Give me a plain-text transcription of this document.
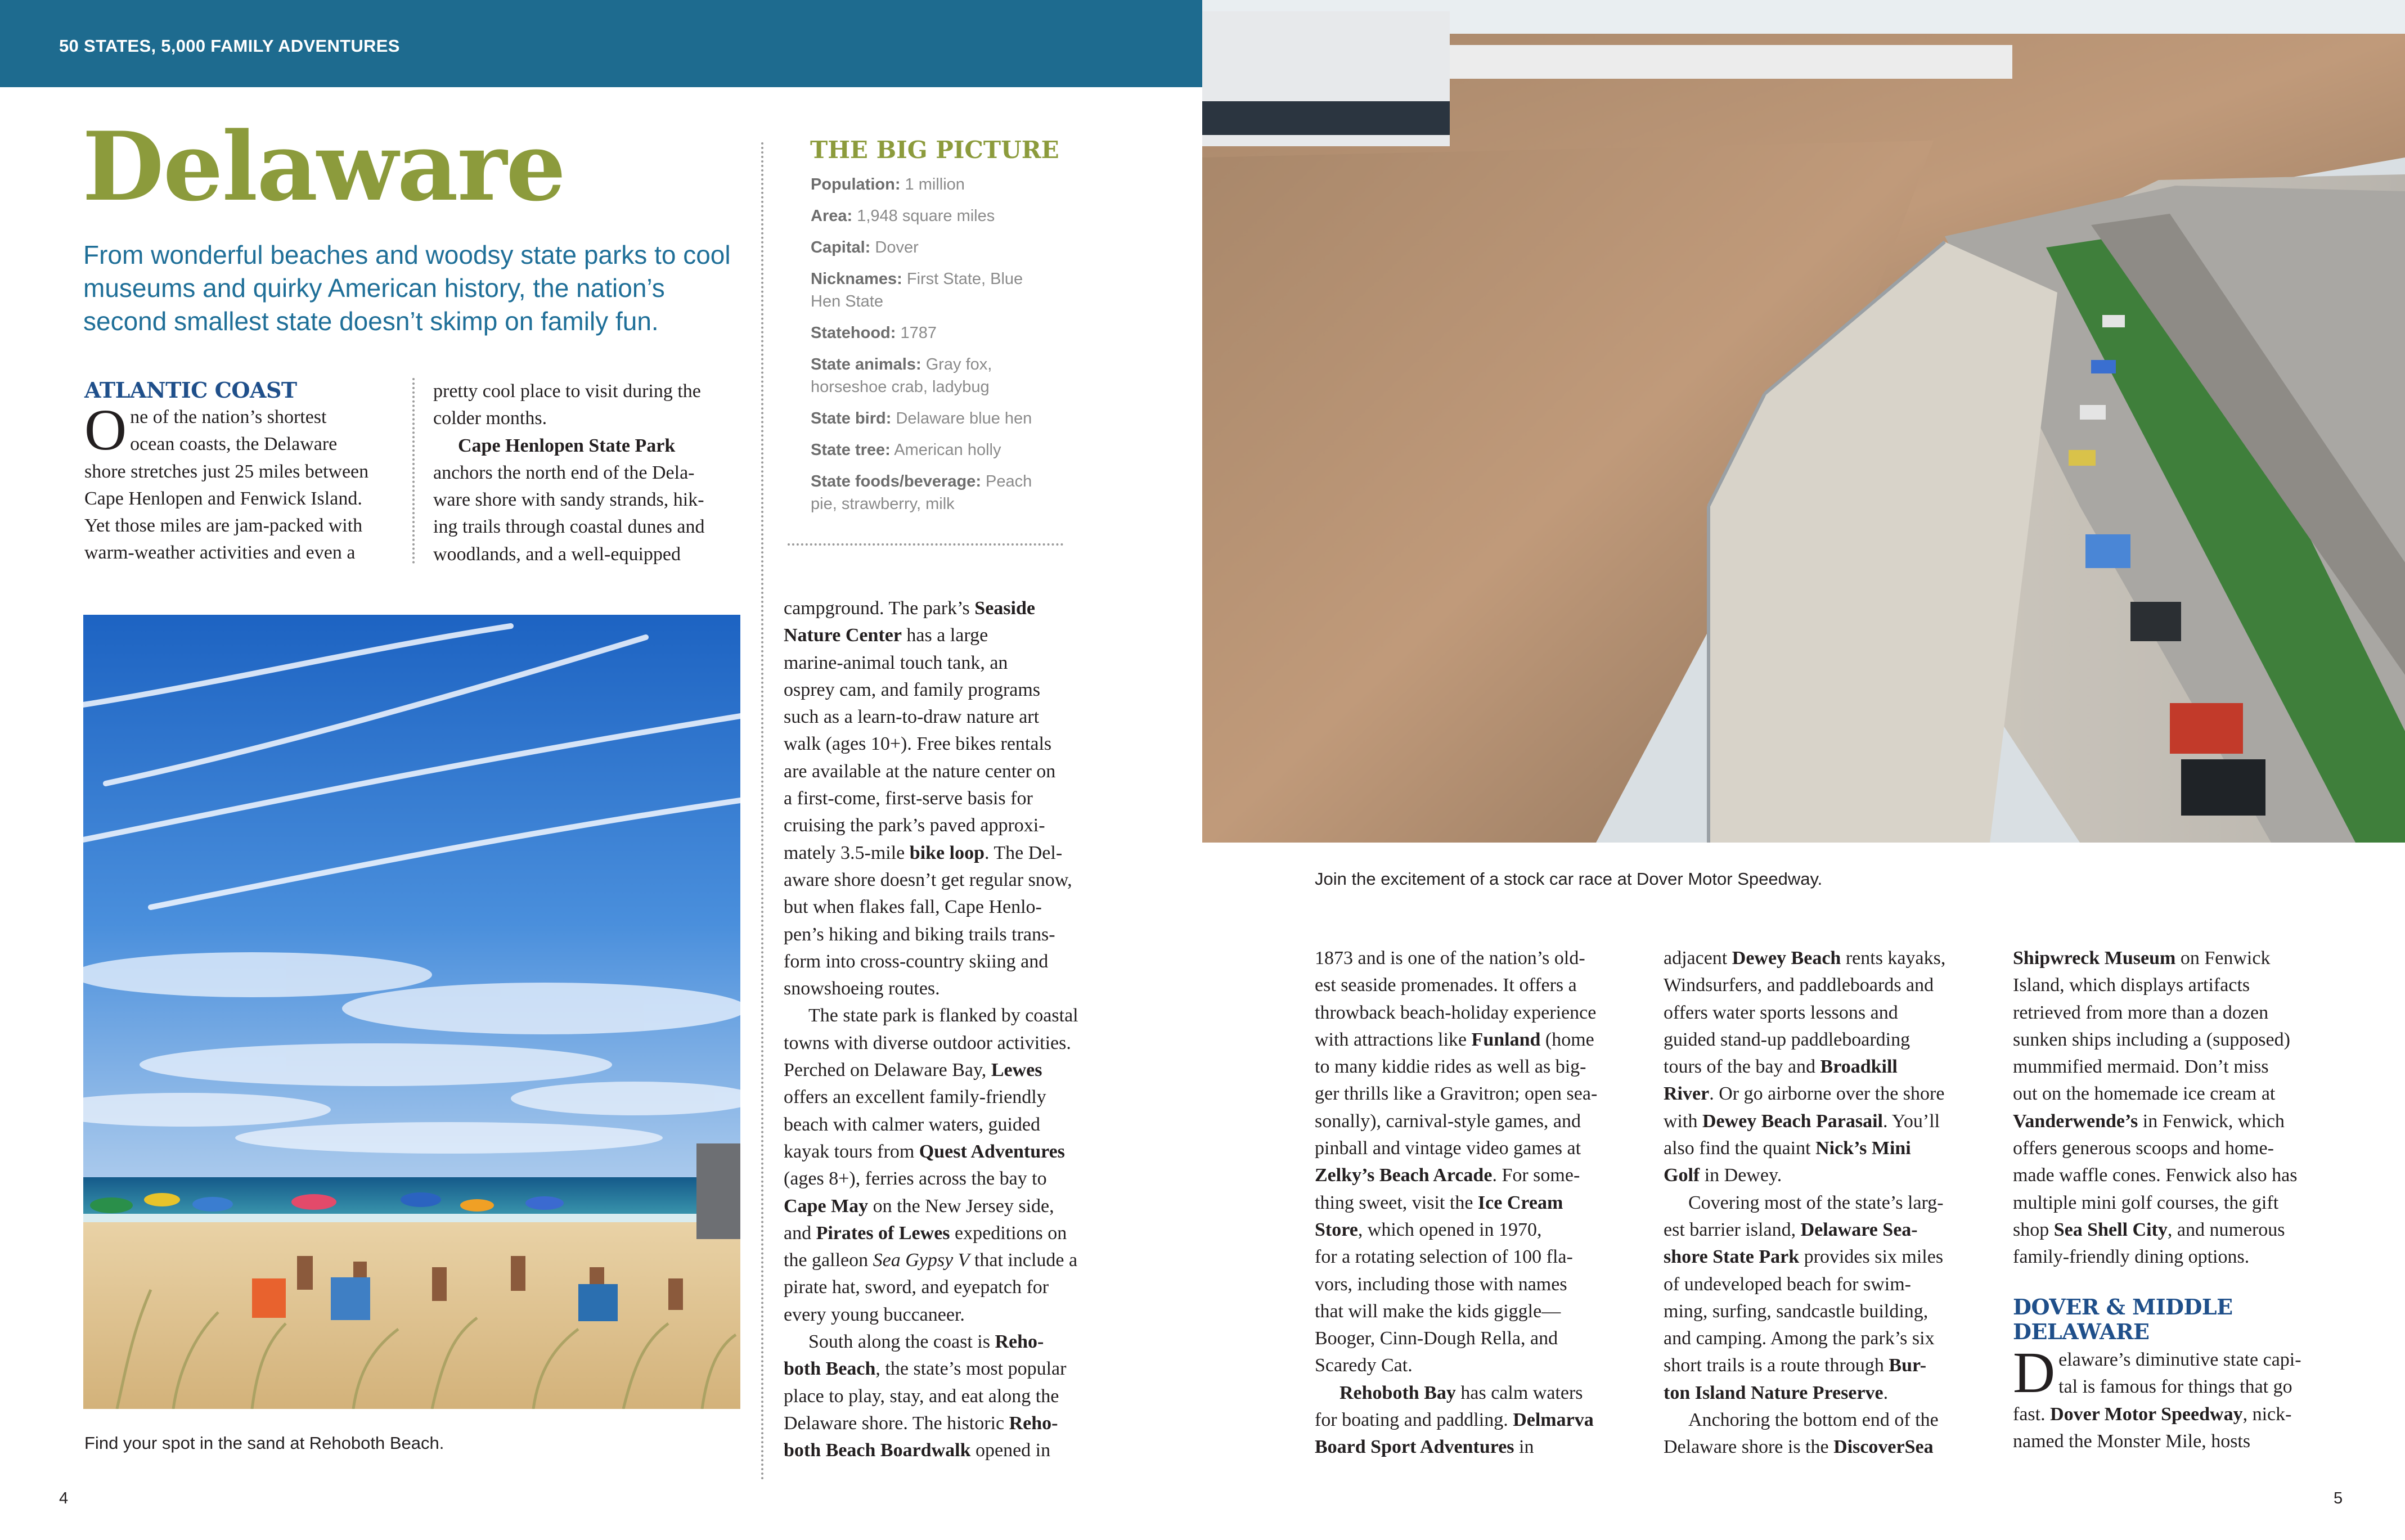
50 STATES, 5,000 FAMILY ADVENTURES
Delaware
From wonderful beaches and woodsy state parks to cool museums and quirky American history, the nation’s second smallest state doesn’t skimp on family fun.
ATLANTIC COAST

One of the nation’s shortest
ocean coasts, the Delaware
shore stretches just 25 miles between
Cape Henlopen and Fenwick Island.
Yet those miles are jam-packed with
warm-weather activities and even a

pretty cool place to visit during the
colder months.

Cape Henlopen State Park
anchors the north end of the Dela-
ware shore with sandy strands, hik-
ing trails through coastal dunes and
woodlands, and a well-equipped

THE BIG PICTURE
Population: 1 million
Area: 1,948 square miles
Capital: Dover
Nicknames: First State, Blue Hen State
Statehood: 1787
State animals: Gray fox, horseshoe crab, ladybug
State bird: Delaware blue hen
State tree: American holly
State foods/beverage: Peach pie, strawberry, milk
Find your spot in the sand at Rehoboth Beach.

campground. The park’s Seaside
Nature Center has a large
marine-animal touch tank, an
osprey cam, and family programs
such as a learn-to-draw nature art
walk (ages 10+). Free bikes rentals
are available at the nature center on
a first-come, first-serve basis for
cruising the park’s paved approxi-
mately 3.5-mile bike loop. The Del-
aware shore doesn’t get regular snow,
but when flakes fall, Cape Henlo-
pen’s hiking and biking trails trans-
form into cross-country skiing and
snowshoeing routes.

The state park is flanked by coastal
towns with diverse outdoor activities.
Perched on Delaware Bay, Lewes
offers an excellent family-friendly
beach with calmer waters, guided
kayak tours from Quest Adventures
(ages 8+), ferries across the bay to
Cape May on the New Jersey side,
and Pirates of Lewes expeditions on
the galleon Sea Gypsy V that include a
pirate hat, sword, and eyepatch for
every young buccaneer.

South along the coast is Reho-
both Beach, the state’s most popular
place to play, stay, and eat along the
Delaware shore. The historic Reho-
both Beach Boardwalk opened in

Join the excitement of a stock car race at Dover Motor Speedway.

1873 and is one of the nation’s old-
est seaside promenades. It offers a
throwback beach-holiday experience
with attractions like Funland (home
to many kiddie rides as well as big-
ger thrills like a Gravitron; open sea-
sonally), carnival-style games, and
pinball and vintage video games at
Zelky’s Beach Arcade. For some-
thing sweet, visit the Ice Cream
Store, which opened in 1970,
for a rotating selection of 100 fla-
vors, including those with names
that will make the kids giggle—
Booger, Cinn-Dough Rella, and
Scaredy Cat.

Rehoboth Bay has calm waters
for boating and paddling. Delmarva
Board Sport Adventures in

adjacent Dewey Beach rents kayaks,
Windsurfers, and paddleboards and
offers water sports lessons and
guided stand-up paddleboarding
tours of the bay and Broadkill
River. Or go airborne over the shore
with Dewey Beach Parasail. You’ll
also find the quaint Nick’s Mini
Golf in Dewey.

Covering most of the state’s larg-
est barrier island, Delaware Sea-
shore State Park provides six miles
of undeveloped beach for swim-
ming, surfing, sandcastle building,
and camping. Among the park’s six
short trails is a route through Bur-
ton Island Nature Preserve.

Anchoring the bottom end of the
Delaware shore is the DiscoverSea

Shipwreck Museum on Fenwick
Island, which displays artifacts
retrieved from more than a dozen
sunken ships including a (supposed)
mummified mermaid. Don’t miss
out on the homemade ice cream at
Vanderwende’s in Fenwick, which
offers generous scoops and home-
made waffle cones. Fenwick also has
multiple mini golf courses, the gift
shop Sea Shell City, and numerous
family-friendly dining options.

DOVER & MIDDLE DELAWARE

Delaware’s diminutive state capi-
tal is famous for things that go
fast. Dover Motor Speedway, nick-
named the Monster Mile, hosts

4	5
